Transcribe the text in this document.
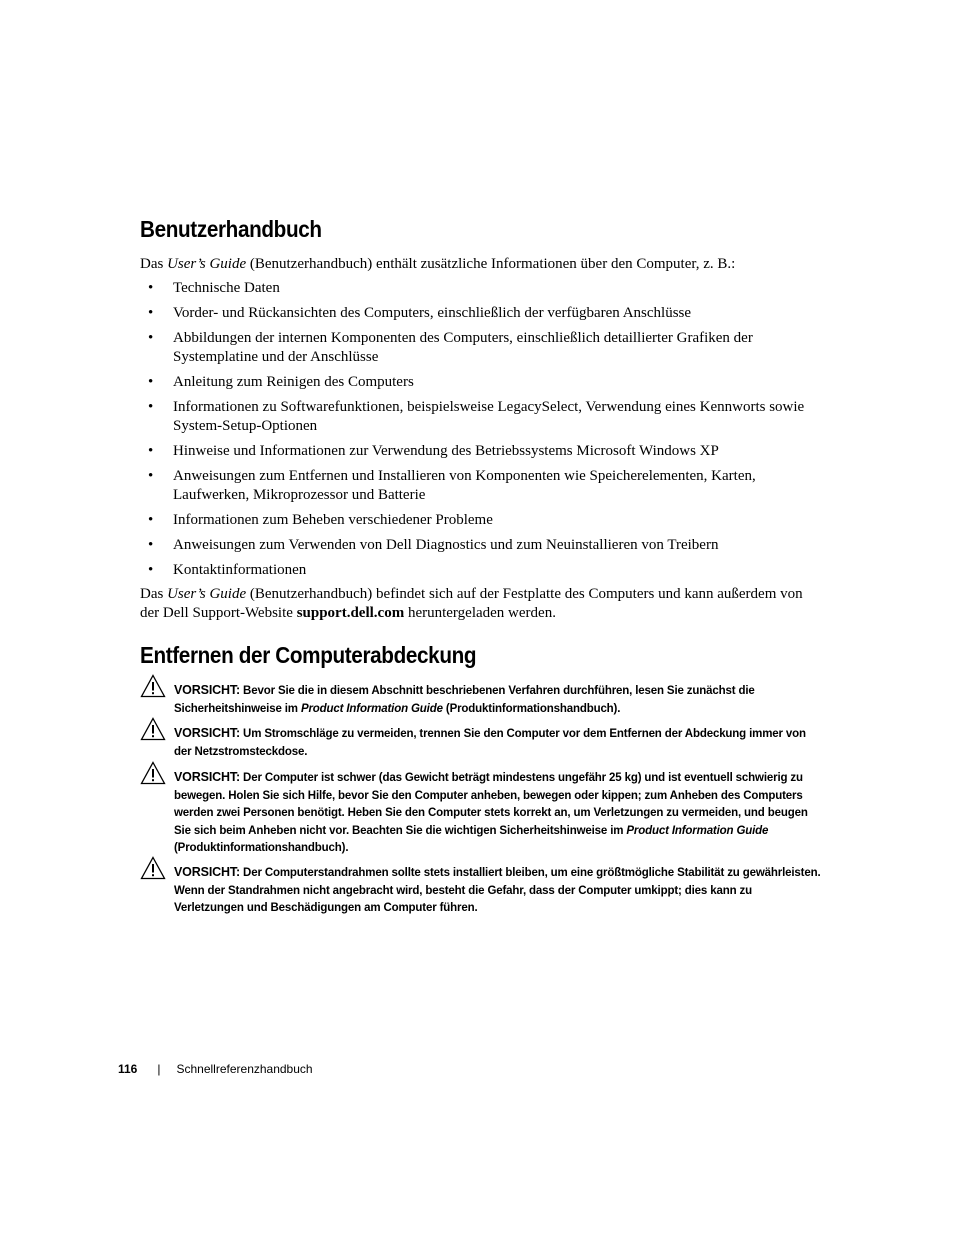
Benutzerhandbuch

Das User’s Guide (Benutzerhandbuch) enthält zusätzliche Informationen über den Computer, z. B.:

• Technische Daten
• Vorder- und Rückansichten des Computers, einschließlich der verfügbaren Anschlüsse
• Abbildungen der internen Komponenten des Computers, einschließlich detaillierter Grafiken der Systemplatine und der Anschlüsse
• Anleitung zum Reinigen des Computers
• Informationen zu Softwarefunktionen, beispielsweise LegacySelect, Verwendung eines Kennworts sowie System-Setup-Optionen
• Hinweise und Informationen zur Verwendung des Betriebssystems Microsoft Windows XP
• Anweisungen zum Entfernen und Installieren von Komponenten wie Speicherelementen, Karten, Laufwerken, Mikroprozessor und Batterie
• Informationen zum Beheben verschiedener Probleme
• Anweisungen zum Verwenden von Dell Diagnostics und zum Neuinstallieren von Treibern
• Kontaktinformationen

Das User’s Guide (Benutzerhandbuch) befindet sich auf der Festplatte des Computers und kann außerdem von der Dell Support-Website support.dell.com heruntergeladen werden.

Entfernen der Computerabdeckung
VORSICHT: Bevor Sie die in diesem Abschnitt beschriebenen Verfahren durchführen, lesen Sie zunächst die Sicherheitshinweise im Product Information Guide (Produktinformationshandbuch).
VORSICHT: Um Stromschläge zu vermeiden, trennen Sie den Computer vor dem Entfernen der Abdeckung immer von der Netzstromsteckdose.
VORSICHT: Der Computer ist schwer (das Gewicht beträgt mindestens ungefähr 25 kg) und ist eventuell schwierig zu bewegen. Holen Sie sich Hilfe, bevor Sie den Computer anheben, bewegen oder kippen; zum Anheben des Computers werden zwei Personen benötigt. Heben Sie den Computer stets korrekt an, um Verletzungen zu vermeiden, und beugen Sie sich beim Anheben nicht vor. Beachten Sie die wichtigen Sicherheitshinweise im Product Information Guide (Produktinformationshandbuch).
VORSICHT: Der Computerstandrahmen sollte stets installiert bleiben, um eine größtmögliche Stabilität zu gewährleisten. Wenn der Standrahmen nicht angebracht wird, besteht die Gefahr, dass der Computer umkippt; dies kann zu Verletzungen und Beschädigungen am Computer führen.
116 | Schnellreferenzhandbuch
